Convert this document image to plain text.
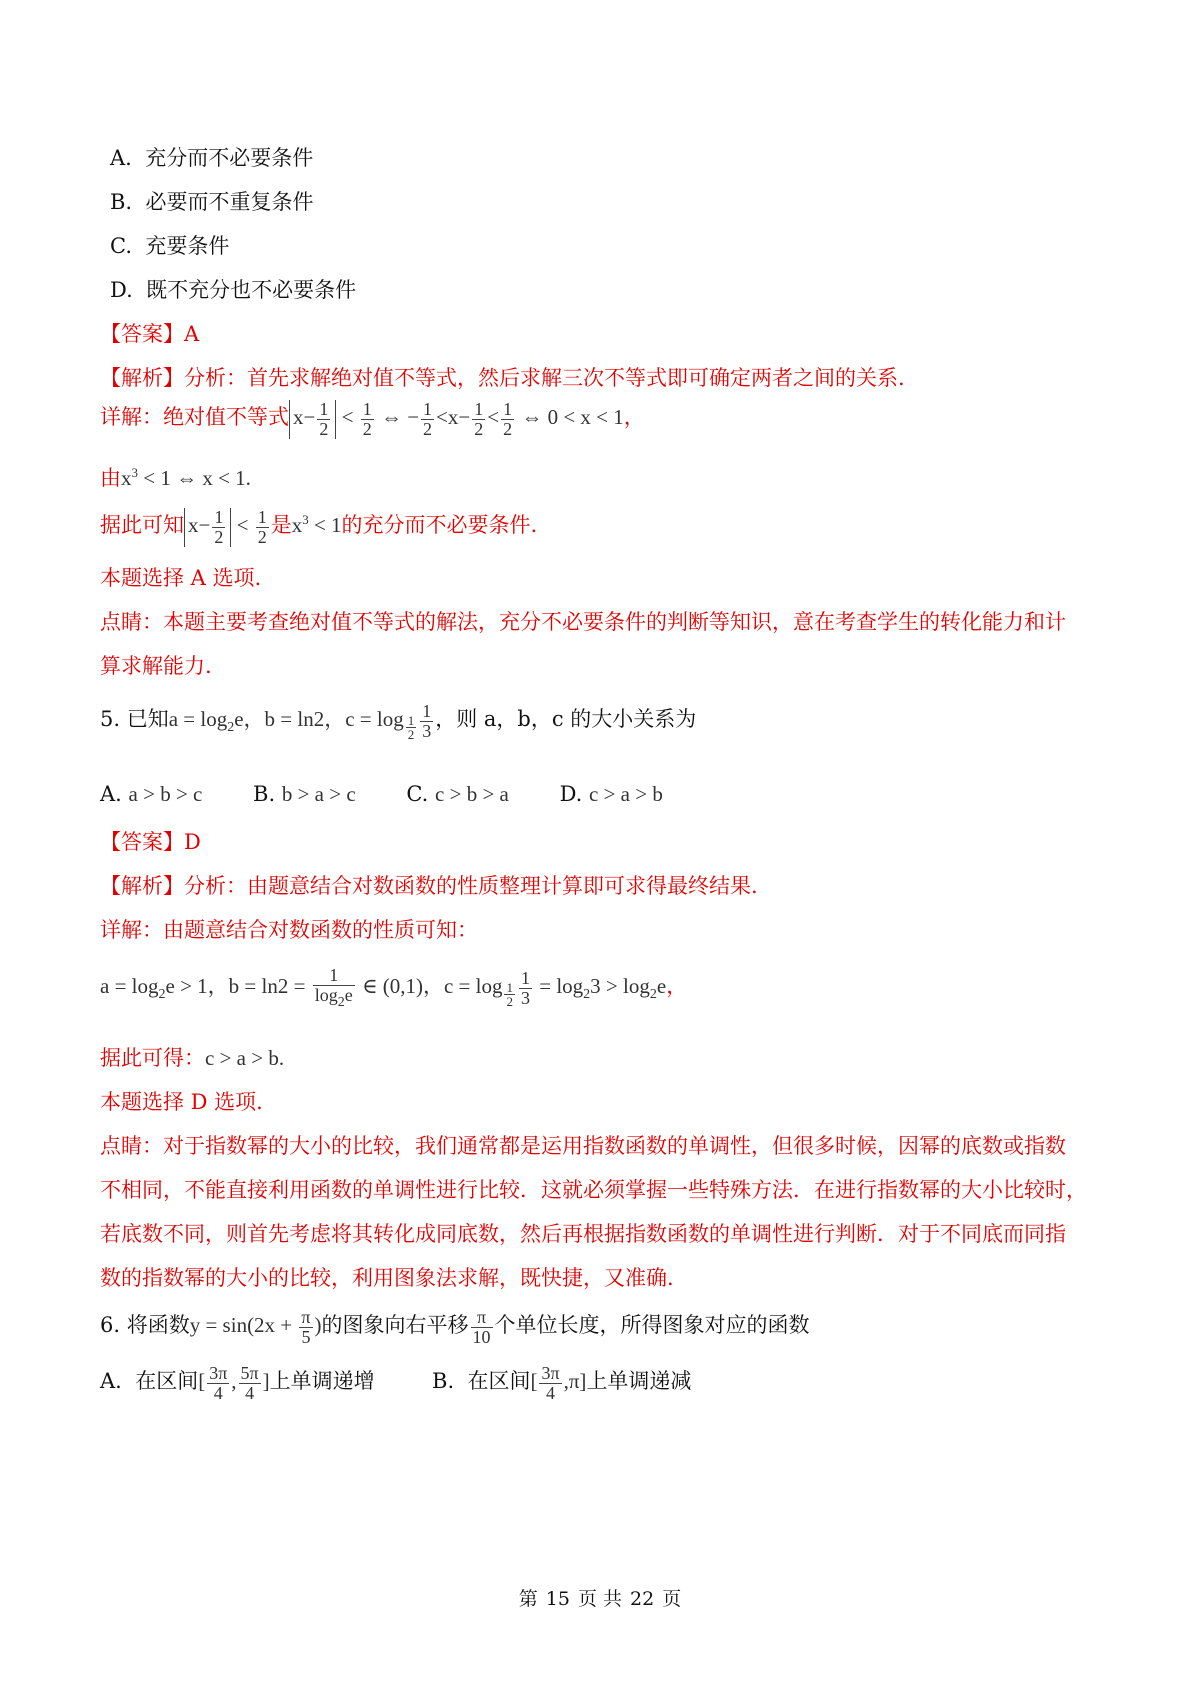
A. 充分而不必要条件
B. 必要而不重复条件
C. 充要条件
D. 既不充分也不必要条件
【答案】A
【解析】分析：首先求解绝对值不等式，然后求解三次不等式即可确定两者之间的关系.
详解：绝对值不等式 $x- \frac{1}{2} < \frac{1}{2}$ ⇔ − $\frac{1}{2} <x- \frac{1}{2} < \frac{1}{2}$ ⇔ 0 < x < 1，
由$x^3 < 1$ ⇔ x < 1.
据此可知 $x- \frac{1}{2} < \frac{1}{2}$ 是$x^3 < 1$的充分而不必要条件.
本题选择 A 选项.
点睛：本题主要考查绝对值不等式的解法，充分不必要条件的判断等知识，意在考查学生的转化能力和计
算求解能力.
5. 已知$a = \log_2e$，b = ln2，$c = \log _{\frac{1}{2}} \frac{1}{3}$ ，则 a，b，c 的大小关系为
A. a > b > c B. b > a > c C. c > b > a D. c > a > b
【答案】D
【解析】分析：由题意结合对数函数的性质整理计算即可求得最终结果.
详解：由题意结合对数函数的性质可知：
$a = \log_2e > 1$，$b = \ln 2 = \frac{1}{\log_2e}$ ∈ (0,1)，$c = \log _{\frac{1}{2}} \frac{1}{3} = \log_23 > \log_2e$，
据此可得：c > a > b.
本题选择 D 选项.
点睛：对于指数幂的大小的比较，我们通常都是运用指数函数的单调性，但很多时候，因幂的底数或指数
不相同，不能直接利用函数的单调性进行比较．这就必须掌握一些特殊方法．在进行指数幂的大小比较时，
若底数不同，则首先考虑将其转化成同底数，然后再根据指数函数的单调性进行判断．对于不同底而同指
数的指数幂的大小的比较，利用图象法求解，既快捷，又准确.
6. 将函数$y = \sin(2x + \frac{\pi}{5}$ )的图象向右平移 $\frac{\pi}{10}$ 个单位长度，所得图象对应的函数
A. 在区间[ $\frac{3\pi}{4}$ , $\frac{5\pi}{4}$ ]上单调递增	B. 在区间[ $\frac{3\pi}{4} ,\pi$]上单调递减
第 15 页 共 22 页
